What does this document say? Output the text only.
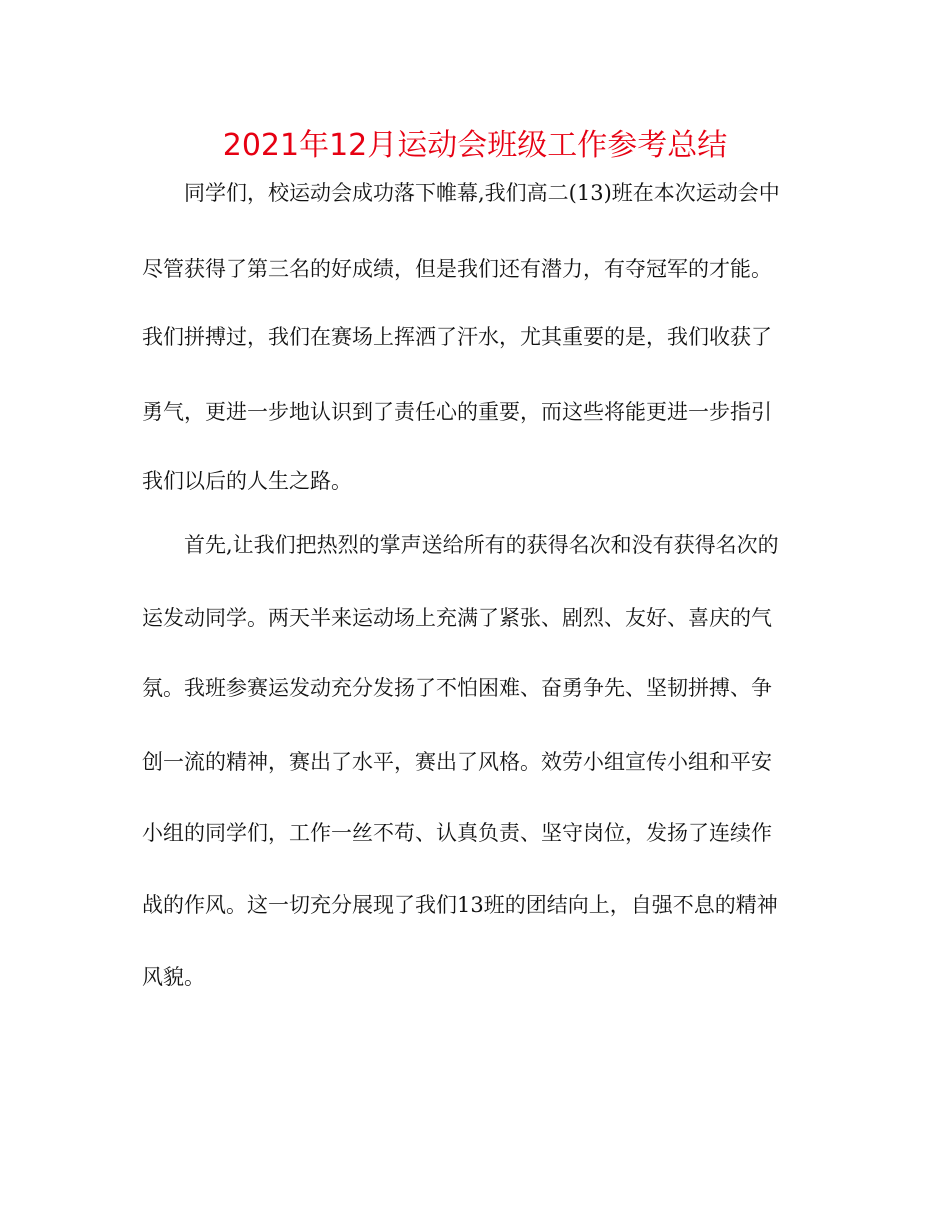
2021年12月运动会班级工作参考总结
同学们，校运动会成功落下帷幕,我们高二(13)班在本次运动会中
尽管获得了第三名的好成绩，但是我们还有潜力，有夺冠军的才能。
我们拼搏过，我们在赛场上挥洒了汗水，尤其重要的是，我们收获了
勇气，更进一步地认识到了责任心的重要，而这些将能更进一步指引
我们以后的人生之路。
首先,让我们把热烈的掌声送给所有的获得名次和没有获得名次的
运发动同学。两天半来运动场上充满了紧张、剧烈、友好、喜庆的气
氛。我班参赛运发动充分发扬了不怕困难、奋勇争先、坚韧拼搏、争
创一流的精神，赛出了水平，赛出了风格。效劳小组宣传小组和平安
小组的同学们，工作一丝不苟、认真负责、坚守岗位，发扬了连续作
战的作风。这一切充分展现了我们13班的团结向上，自强不息的精神
风貌。
